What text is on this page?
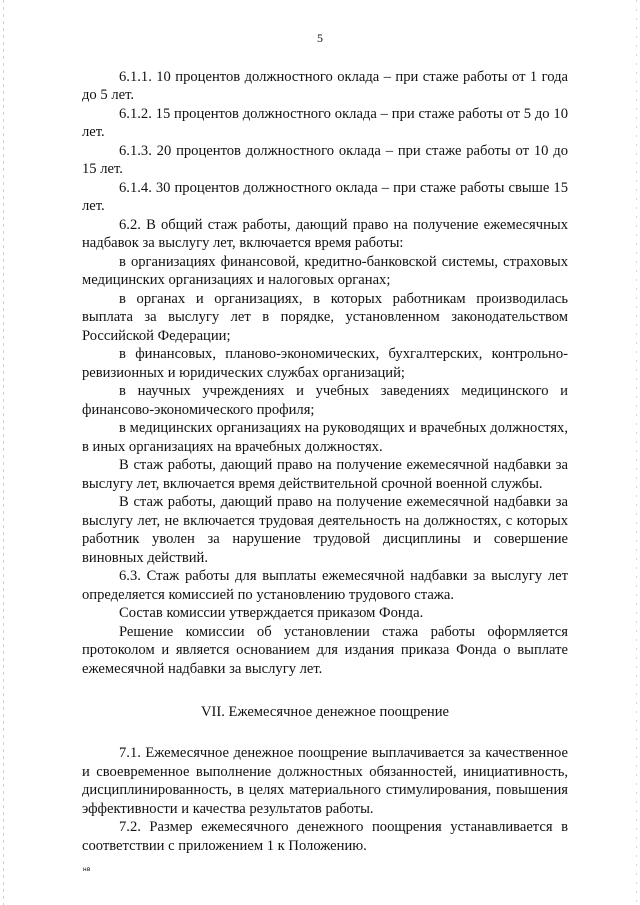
5

6.1.1. 10 процентов должностного оклада – при стаже работы от 1 года до 5 лет.

6.1.2. 15 процентов должностного оклада – при стаже работы от 5 до 10 лет.

6.1.3. 20 процентов должностного оклада – при стаже работы от 10 до 15 лет.

6.1.4. 30 процентов должностного оклада – при стаже работы свыше 15 лет.

6.2. В общий стаж работы, дающий право на получение ежемесячных надбавок за выслугу лет, включается время работы:

в организациях финансовой, кредитно-банковской системы, страховых медицинских организациях и налоговых органах;

в органах и организациях, в которых работникам производилась выплата за выслугу лет в порядке, установленном законодательством Российской Федерации;

в финансовых, планово-экономических, бухгалтерских, контрольно-ревизионных и юридических службах организаций;

в научных учреждениях и учебных заведениях медицинского и финансово-экономического профиля;

в медицинских организациях на руководящих и врачебных должностях, в иных организациях на врачебных должностях.

В стаж работы, дающий право на получение ежемесячной надбавки за выслугу лет, включается время действительной срочной военной службы.

В стаж работы, дающий право на получение ежемесячной надбавки за выслугу лет, не включается трудовая деятельность на должностях, с которых работник уволен за нарушение трудовой дисциплины и совершение виновных действий.

6.3. Стаж работы для выплаты ежемесячной надбавки за выслугу лет определяется комиссией по установлению трудового стажа.

Состав комиссии утверждается приказом Фонда.

Решение комиссии об установлении стажа работы оформляется протоколом и является основанием для издания приказа Фонда о выплате ежемесячной надбавки за выслугу лет.

VII. Ежемесячное денежное поощрение

7.1. Ежемесячное денежное поощрение выплачивается за качественное и своевременное выполнение должностных обязанностей, инициативность, дисциплинированность, в целях материального стимулирования, повышения эффективности и качества результатов работы.

7.2. Размер ежемесячного денежного поощрения устанавливается в соответствии с приложением 1 к Положению.

нв
